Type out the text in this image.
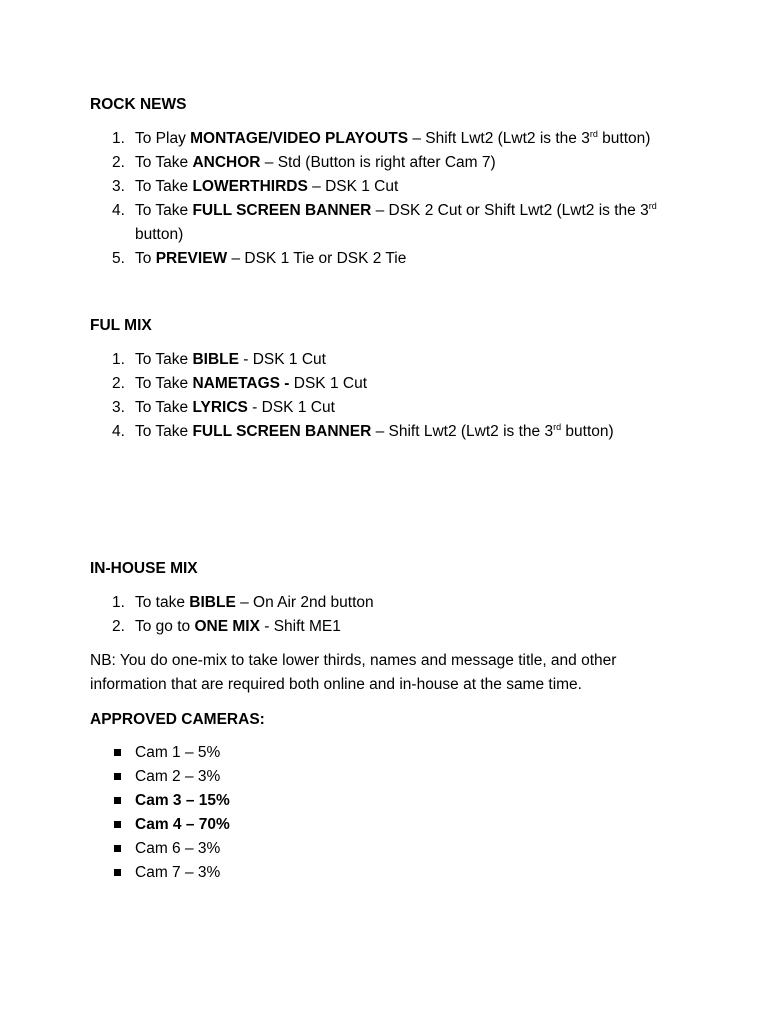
ROCK NEWS
1. To Play MONTAGE/VIDEO PLAYOUTS – Shift Lwt2 (Lwt2 is the 3rd button)
2. To Take ANCHOR – Std (Button is right after Cam 7)
3. To Take LOWERTHIRDS – DSK 1 Cut
4. To Take FULL SCREEN BANNER – DSK 2 Cut or Shift Lwt2 (Lwt2 is the 3rd
button)
5. To PREVIEW – DSK 1 Tie or DSK 2 Tie
FUL MIX
1. To Take BIBLE - DSK 1 Cut
2. To Take NAMETAGS - DSK 1 Cut
3. To Take LYRICS - DSK 1 Cut
4. To Take FULL SCREEN BANNER – Shift Lwt2 (Lwt2 is the 3rd button)
IN-HOUSE MIX
1. To take BIBLE – On Air 2nd button
2. To go to ONE MIX - Shift ME1
NB: You do one-mix to take lower thirds, names and message title, and other
information that are required both online and in-house at the same time.
APPROVED CAMERAS:
Cam 1 – 5%
Cam 2 – 3%
Cam 3 – 15%
Cam 4 – 70%
Cam 6 – 3%
Cam 7 – 3%
